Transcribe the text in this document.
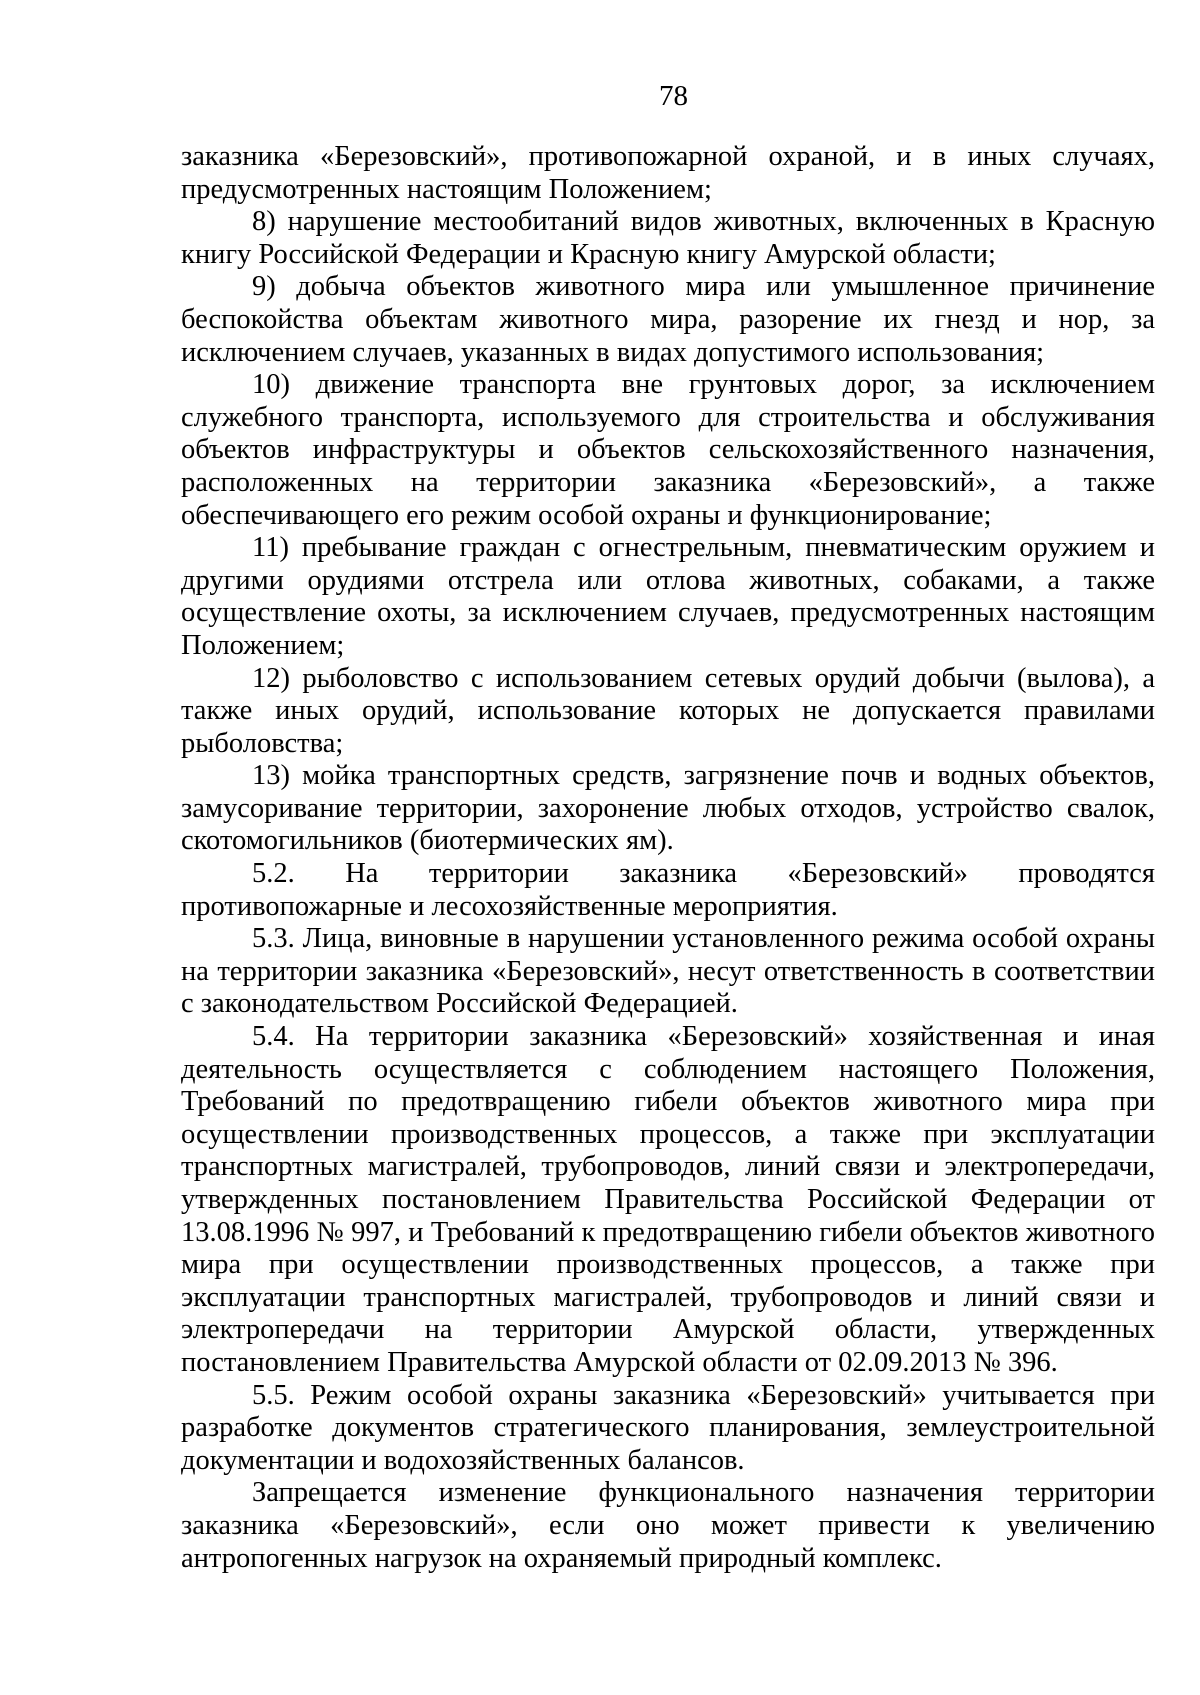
78

заказника «Березовский», противопожарной охраной, и в иных случаях, предусмотренных настоящим Положением;

8) нарушение местообитаний видов животных, включенных в Красную книгу Российской Федерации и Красную книгу Амурской области;

9) добыча объектов животного мира или умышленное причинение беспокойства объектам животного мира, разорение их гнезд и нор, за исключением случаев, указанных в видах допустимого использования;

10) движение транспорта вне грунтовых дорог, за исключением служебного транспорта, используемого для строительства и обслуживания объектов инфраструктуры и объектов сельскохозяйственного назначения, расположенных на территории заказника «Березовский», а также обеспечивающего его режим особой охраны и функционирование;

11) пребывание граждан с огнестрельным, пневматическим оружием и другими орудиями отстрела или отлова животных, собаками, а также осуществление охоты, за исключением случаев, предусмотренных настоящим Положением;

12) рыболовство с использованием сетевых орудий добычи (вылова), а также иных орудий, использование которых не допускается правилами рыболовства;

13) мойка транспортных средств, загрязнение почв и водных объектов, замусоривание территории, захоронение любых отходов, устройство свалок, скотомогильников (биотермических ям).

5.2. На территории заказника «Березовский» проводятся противопожарные и лесохозяйственные мероприятия.

5.3. Лица, виновные в нарушении установленного режима особой охраны на территории заказника «Березовский», несут ответственность в соответствии с законодательством Российской Федерацией.

5.4. На территории заказника «Березовский» хозяйственная и иная деятельность осуществляется с соблюдением настоящего Положения, Требований по предотвращению гибели объектов животного мира при осуществлении производственных процессов, а также при эксплуатации транспортных магистралей, трубопроводов, линий связи и электропередачи, утвержденных постановлением Правительства Российской Федерации от 13.08.1996 № 997, и Требований к предотвращению гибели объектов животного мира при осуществлении производственных процессов, а также при эксплуатации транспортных магистралей, трубопроводов и линий связи и электропередачи на территории Амурской области, утвержденных постановлением Правительства Амурской области от 02.09.2013 № 396.

5.5. Режим особой охраны заказника «Березовский» учитывается при разработке документов стратегического планирования, землеустроительной документации и водохозяйственных балансов.

Запрещается изменение функционального назначения территории заказника «Березовский», если оно может привести к увеличению антропогенных нагрузок на охраняемый природный комплекс.
